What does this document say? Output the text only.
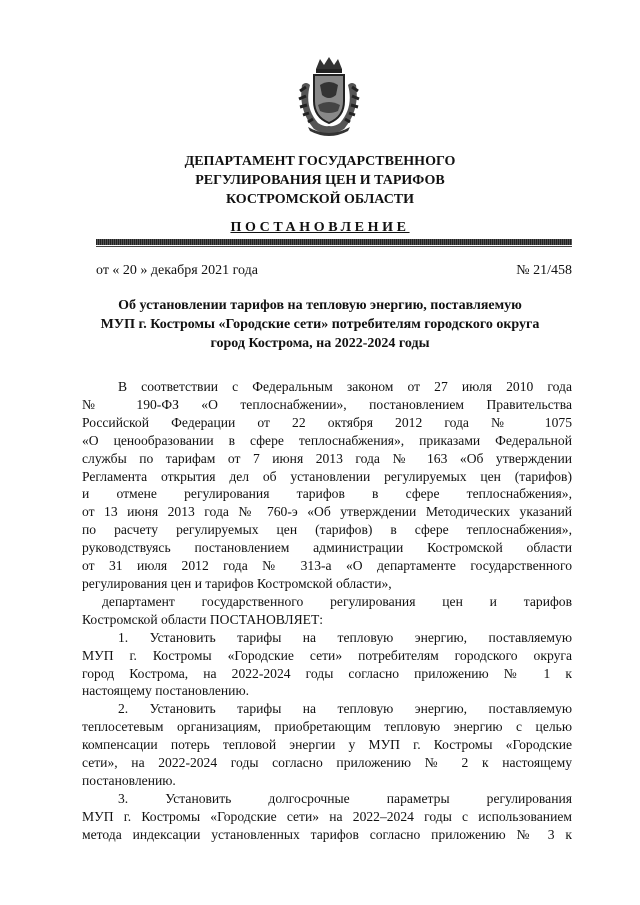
ДЕПАРТАМЕНТ ГОСУДАРСТВЕННОГО
РЕГУЛИРОВАНИЯ ЦЕН И ТАРИФОВ
КОСТРОМСКОЙ ОБЛАСТИ
ПОСТАНОВЛЕНИЕ
от « 20 » декабря 2021 года	№ 21/458
Об установлении тарифов на тепловую энергию, поставляемую
МУП г. Костромы «Городские сети» потребителям городского округа
город Кострома, на 2022-2024 годы
В соответствии с Федеральным законом от 27 июля 2010 года
№ 190-ФЗ «О теплоснабжении», постановлением Правительства
Российской Федерации от 22 октября 2012 года № 1075
«О ценообразовании в сфере теплоснабжения», приказами Федеральной
службы по тарифам от 7 июня 2013 года № 163 «Об утверждении
Регламента открытия дел об установлении регулируемых цен (тарифов)
и отмене регулирования тарифов в сфере теплоснабжения»,
от 13 июня 2013 года № 760-э «Об утверждении Методических указаний
по расчету регулируемых цен (тарифов) в сфере теплоснабжения»,
руководствуясь постановлением администрации Костромской области
от 31 июля 2012 года № 313-а «О департаменте государственного
регулирования цен и тарифов Костромской области»,
департамент государственного регулирования цен и тарифов
Костромской области ПОСТАНОВЛЯЕТ:
1. Установить тарифы на тепловую энергию, поставляемую
МУП г. Костромы «Городские сети» потребителям городского округа
город Кострома, на 2022-2024 годы согласно приложению № 1 к
настоящему постановлению.
2. Установить тарифы на тепловую энергию, поставляемую
теплосетевым организациям, приобретающим тепловую энергию с целью
компенсации потерь тепловой энергии у МУП г. Костромы «Городские
сети», на 2022-2024 годы согласно приложению № 2 к настоящему
постановлению.
3. Установить долгосрочные параметры регулирования
МУП г. Костромы «Городские сети» на 2022–2024 годы с использованием
метода индексации установленных тарифов согласно приложению № 3 к
